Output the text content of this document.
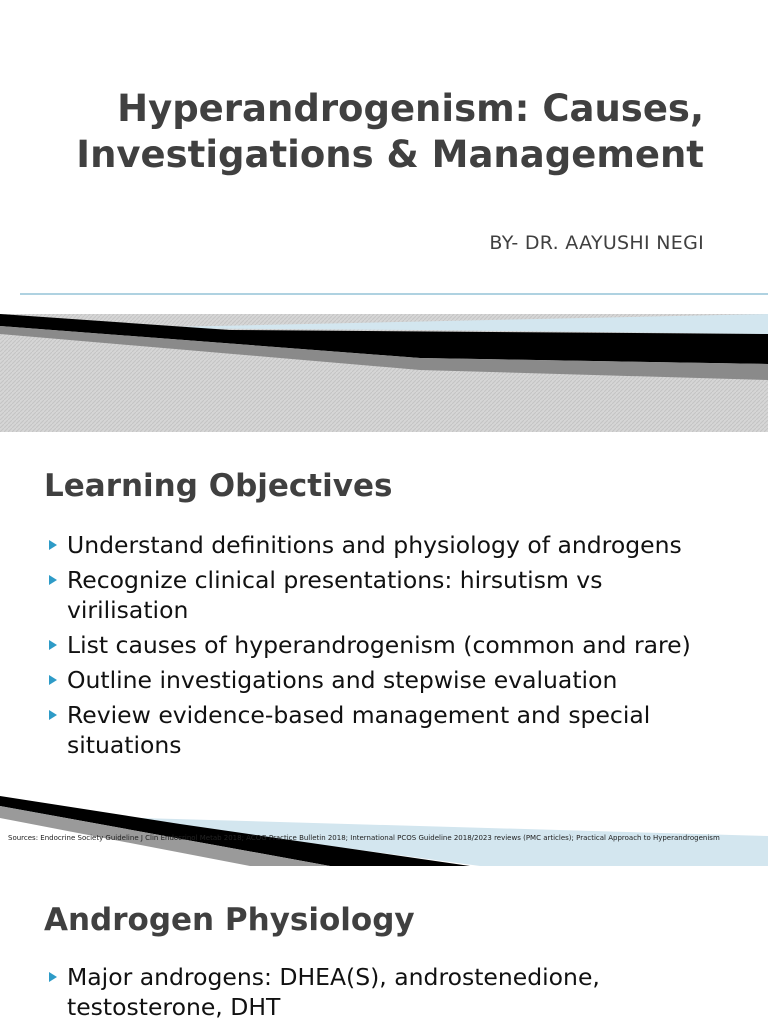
Hyperandrogenism: Causes, Investigations & Management
BY- DR. AAYUSHI NEGI
Learning Objectives
Understand definitions and physiology of androgens
Recognize clinical presentations: hirsutism vs virilisation
List causes of hyperandrogenism (common and rare)
Outline investigations and stepwise evaluation
Review evidence-based management and special situations
Sources: Endocrine Society Guideline J Clin Endocrinol Metab 2018; ACOG Practice Bulletin 2018; International PCOS Guideline 2018/2023 reviews (PMC articles); Practical Approach to Hyperandrogenism
Androgen Physiology
Major androgens: DHEA(S), androstenedione, testosterone, DHT
